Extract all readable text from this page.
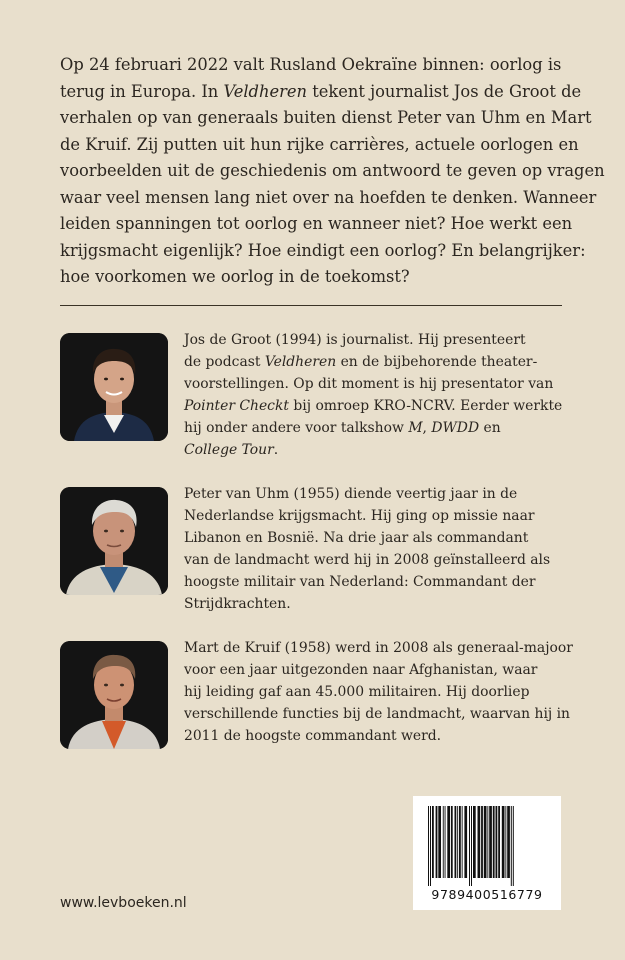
Op 24 februari 2022 valt Rusland Oekraïne binnen: oorlog is
terug in Europa. In Veldheren tekent journalist Jos de Groot de
verhalen op van generaals buiten dienst Peter van Uhm en Mart
de Kruif. Zij putten uit hun rijke carrières, actuele oorlogen en
voorbeelden uit de geschiedenis om antwoord te geven op vragen
waar veel mensen lang niet over na hoefden te denken. Wanneer
leiden spanningen tot oorlog en wanneer niet? Hoe werkt een
krijgsmacht eigenlijk? Hoe eindigt een oorlog? En belangrijker:
hoe voorkomen we oorlog in de toekomst?

Jos de Groot (1994) is journalist. Hij presenteert
de podcast Veldheren en de bijbehorende theater-
voorstellingen. Op dit moment is hij presentator van
Pointer Checkt bij omroep KRO-NCRV. Eerder werkte
hij onder andere voor talkshow M, DWDD en
College Tour.
Peter van Uhm (1955) diende veertig jaar in de
Nederlandse krijgsmacht. Hij ging op missie naar
Libanon en Bosnië. Na drie jaar als commandant
van de landmacht werd hij in 2008 geïnstalleerd als
hoogste militair van Nederland: Commandant der
Strijdkrachten.
Mart de Kruif (1958) werd in 2008 als generaal-majoor
voor een jaar uitgezonden naar Afghanistan, waar
hij leiding gaf aan 45.000 militairen. Hij doorliep
verschillende functies bij de landmacht, waarvan hij in
2011 de hoogste commandant werd.
www.levboeken.nl
9789400516779
